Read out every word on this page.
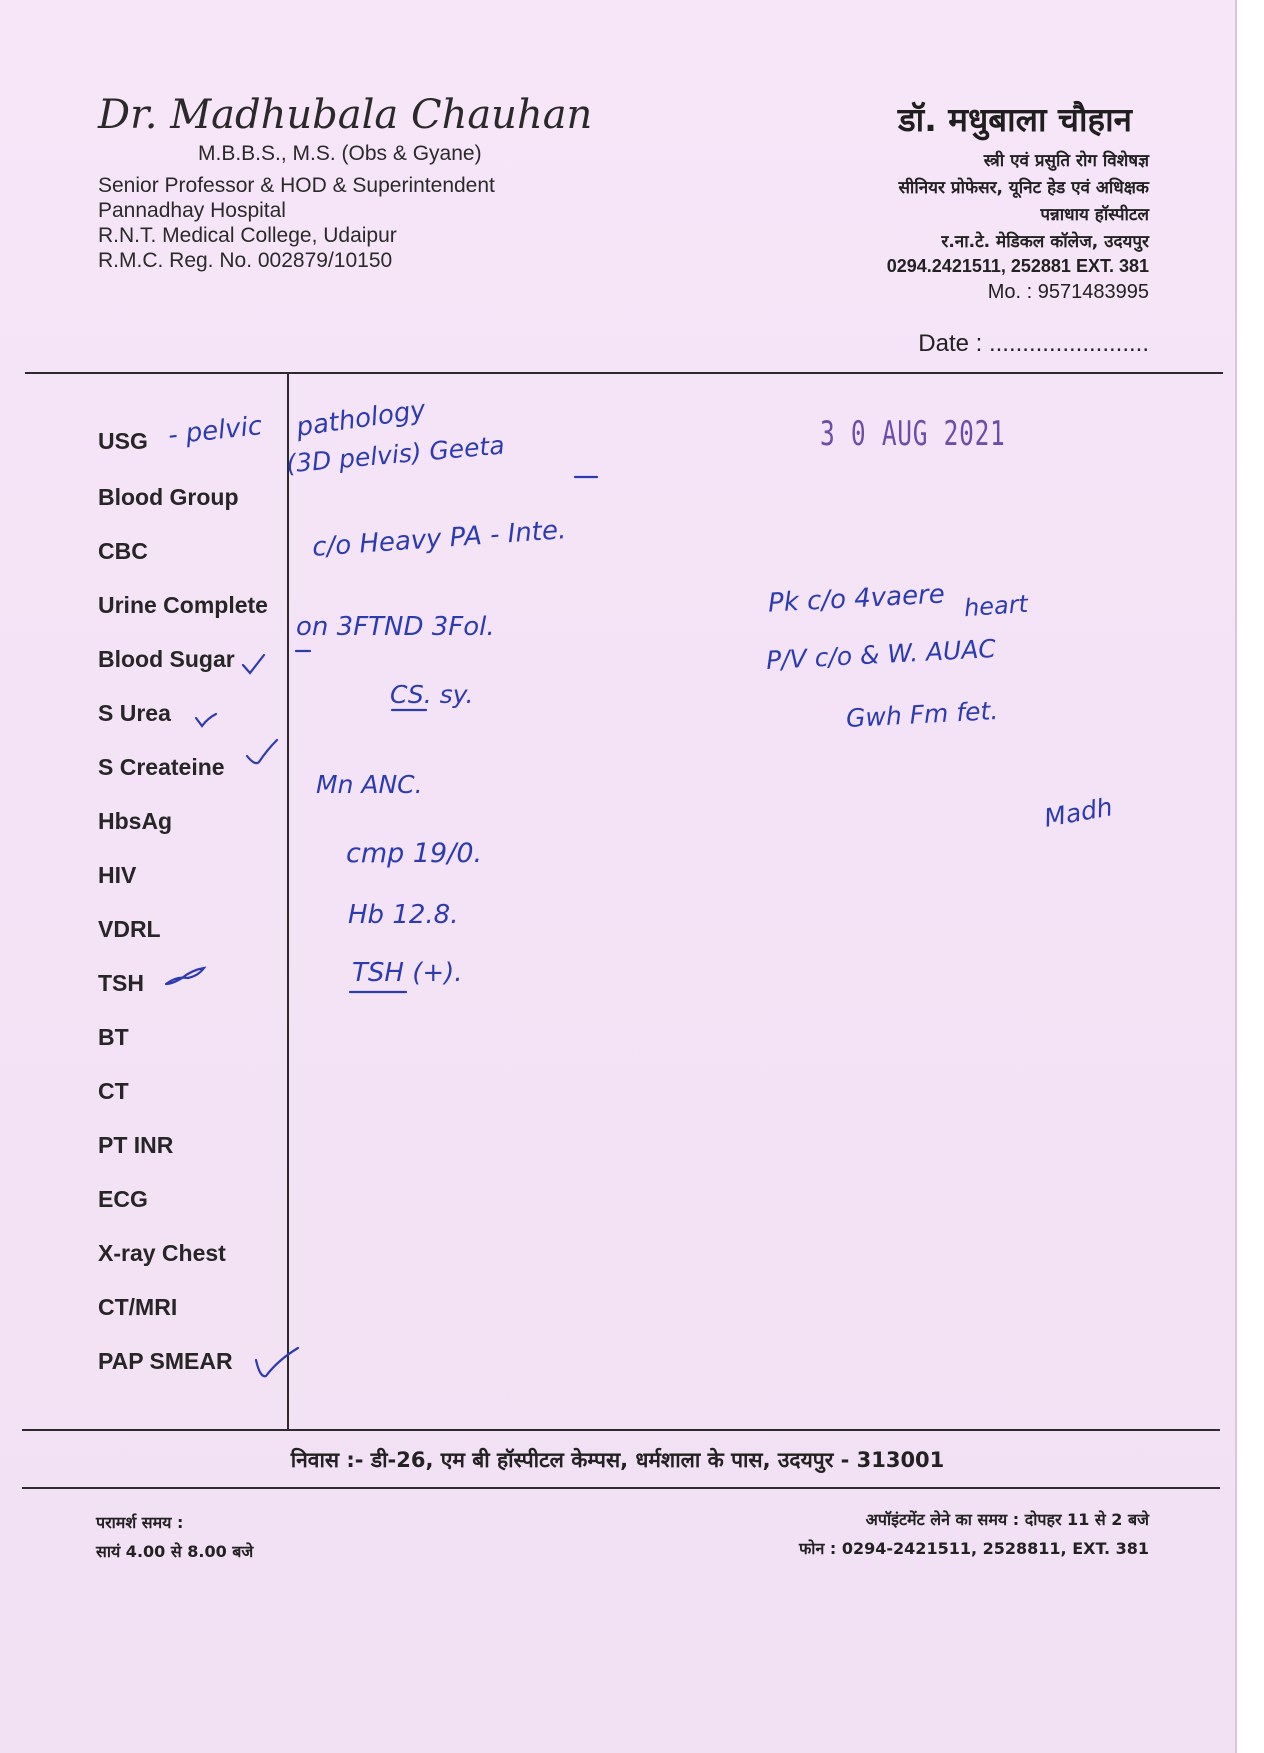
Dr. Madhubala Chauhan
M.B.B.S., M.S. (Obs & Gyane)
Senior Professor & HOD & Superintendent
Pannadhay Hospital
R.N.T. Medical College, Udaipur
R.M.C. Reg. No. 002879/10150
डॉ. मधुबाला चौहान
स्त्री एवं प्रसुति रोग विशेषज्ञ
सीनियर प्रोफेसर, यूनिट हेड एवं अधिक्षक
पन्नाधाय हॉस्पीटल
र.ना.टे. मेडिकल कॉलेज, उदयपुर
0294.2421511, 252881 EXT. 381
Mo. : 9571483995
Date : ........................
USG
Blood Group
CBC
Urine Complete
Blood Sugar
S Urea
S Createine
HbsAg
HIV
VDRL
TSH
BT
CT
PT INR
ECG
X-ray Chest
CT/MRI
PAP SMEAR
3 0 AUG 2021
- pelvic pathology
(3D pelvis) Geeta
c/o Heavy PA - Inte.
on 3FTND 3Fol.
CS. sy.
Mn ANC.
cmp 19/0.
Hb 12.8.
TSH (+).
Pk c/o 4vaere heart
P/V c/o & W. AUAC
Gwh Fm fet.
Madh
निवास :- डी-26, एम बी हॉस्पीटल केम्पस, धर्मशाला के पास, उदयपुर - 313001
परामर्श समय :
सायं 4.00 से 8.00 बजे
अपॉइंटमेंट लेने का समय : दोपहर 11 से 2 बजे
फोन : 0294-2421511, 2528811, EXT. 381
